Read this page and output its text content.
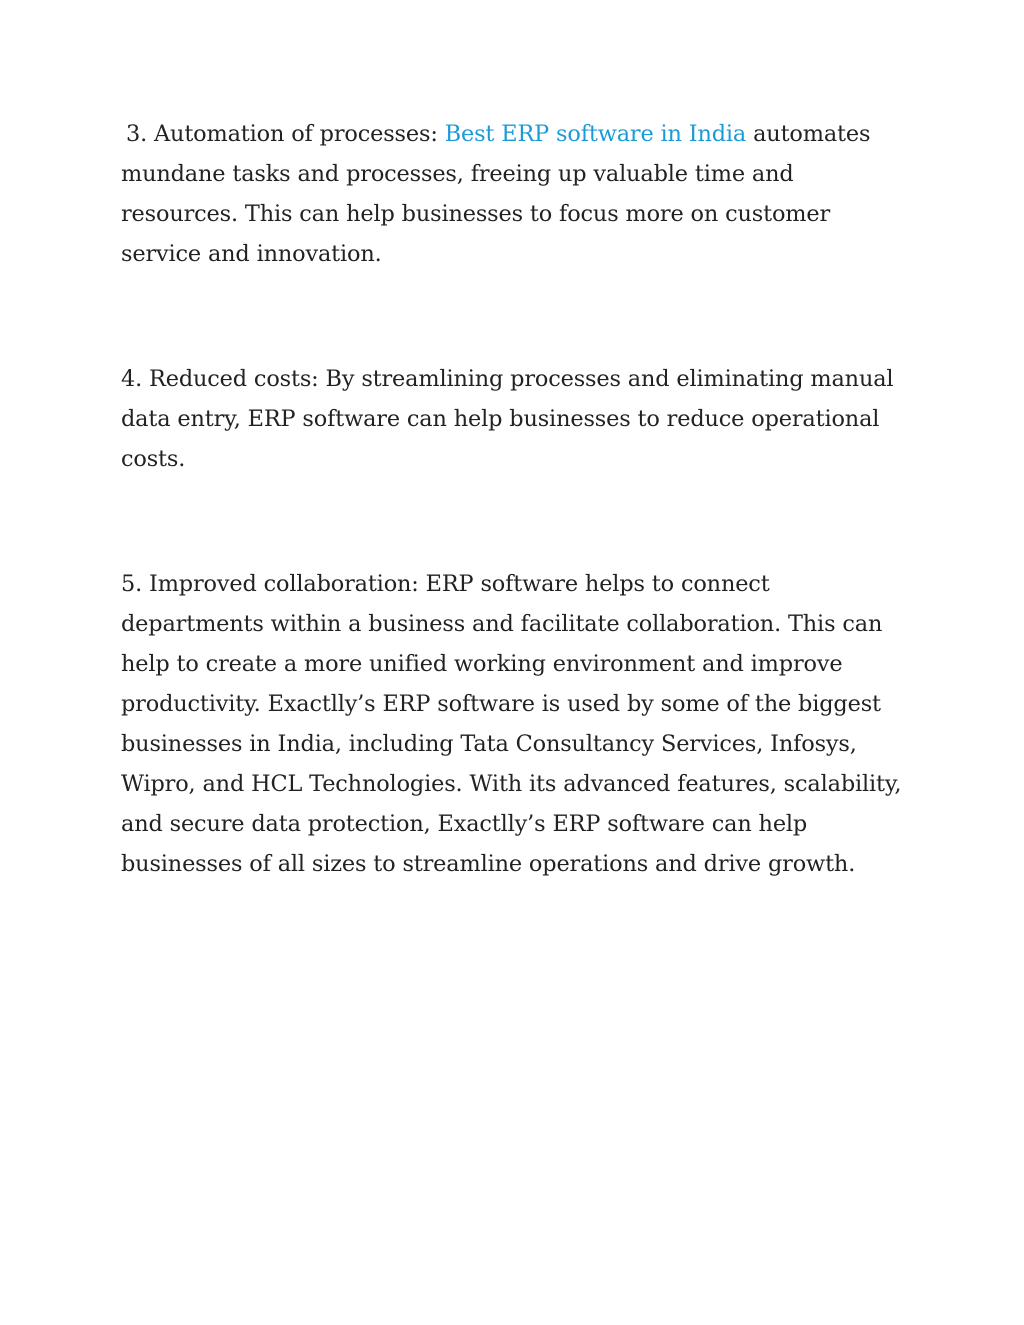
3. Automation of processes: Best ERP software in India automates mundane tasks and processes, freeing up valuable time and resources. This can help businesses to focus more on customer service and innovation.

4. Reduced costs: By streamlining processes and eliminating manual data entry, ERP software can help businesses to reduce operational costs.

5. Improved collaboration: ERP software helps to connect departments within a business and facilitate collaboration. This can help to create a more unified working environment and improve productivity. Exactlly’s ERP software is used by some of the biggest businesses in India, including Tata Consultancy Services, Infosys, Wipro, and HCL Technologies. With its advanced features, scalability, and secure data protection, Exactlly’s ERP software can help businesses of all sizes to streamline operations and drive growth.
